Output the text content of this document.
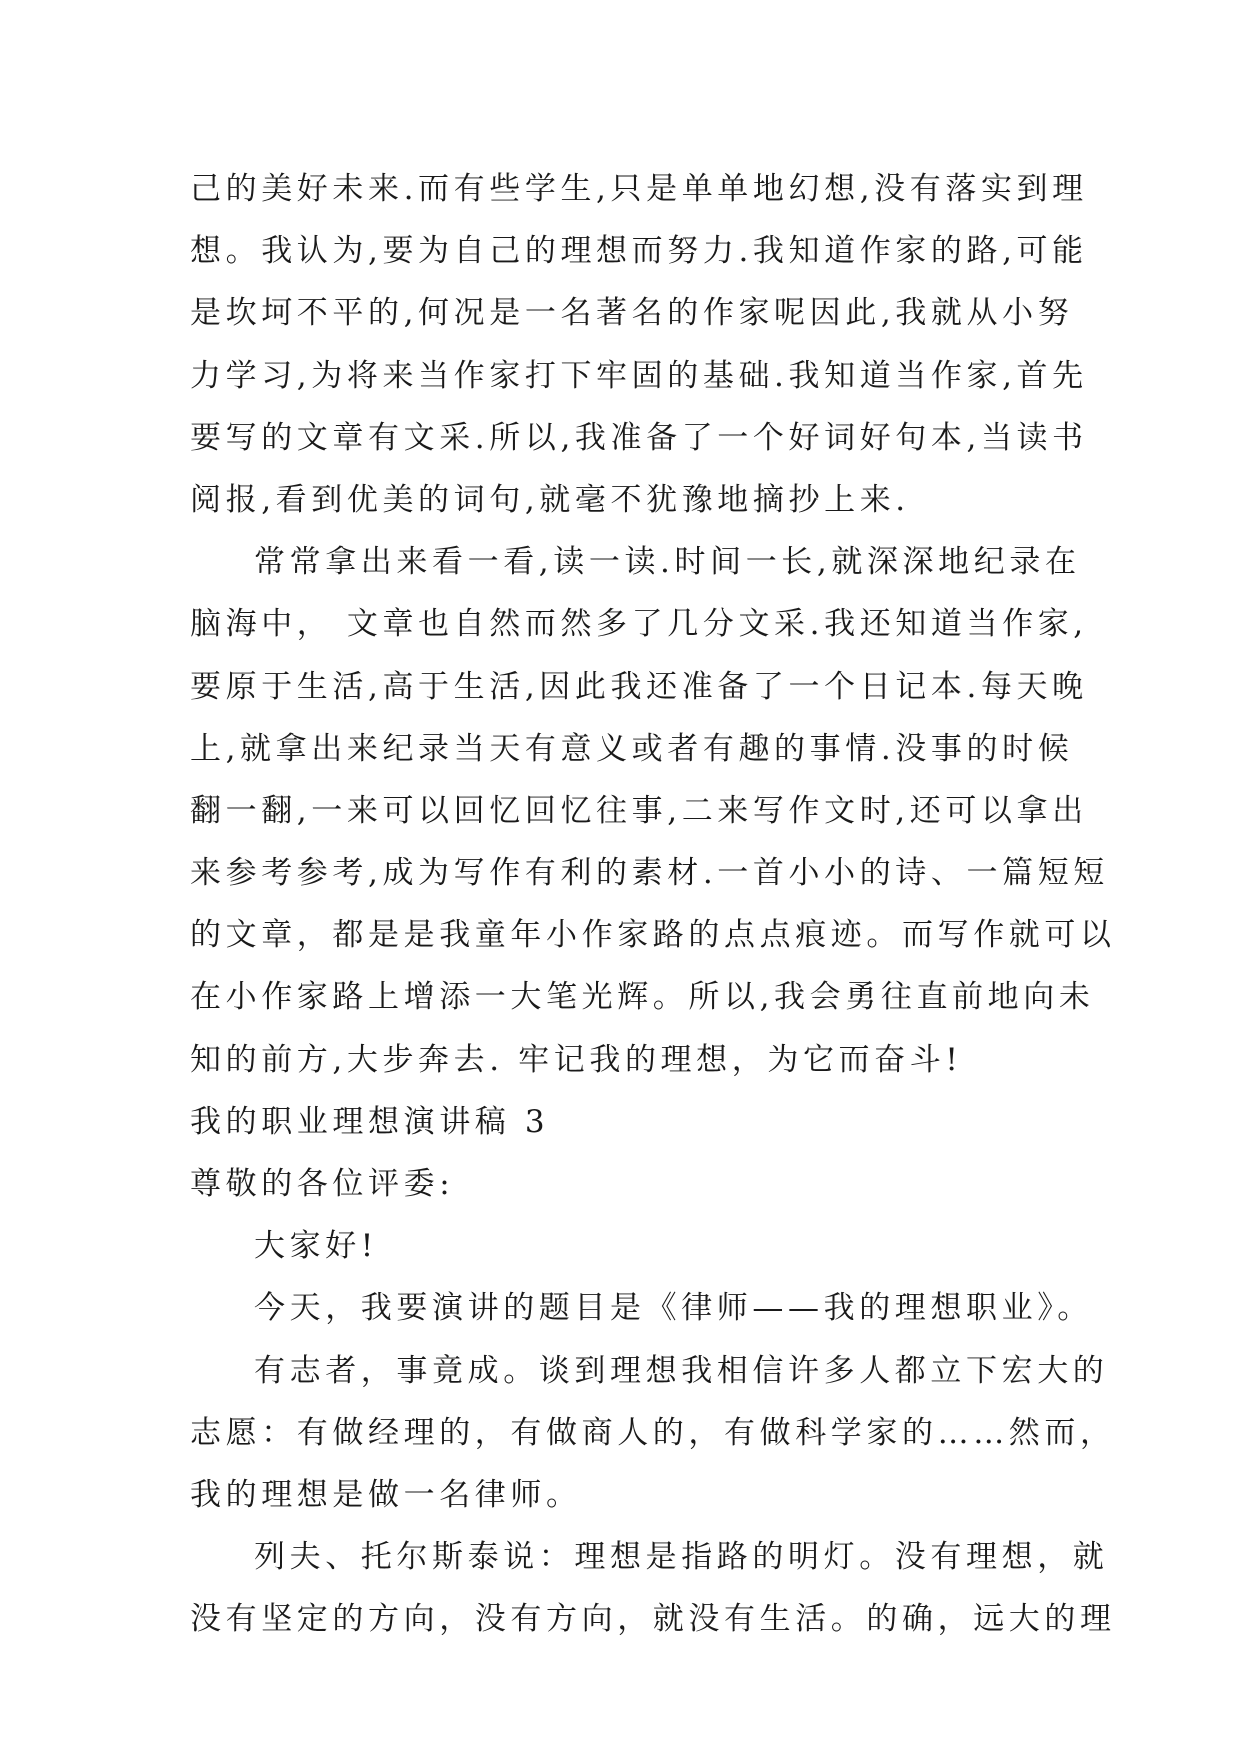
己的美好未来.而有些学生,只是单单地幻想,没有落实到理
想。我认为,要为自己的理想而努力.我知道作家的路,可能
是坎坷不平的,何况是一名著名的作家呢因此,我就从小努
力学习,为将来当作家打下牢固的基础.我知道当作家,首先
要写的文章有文采.所以,我准备了一个好词好句本,当读书
阅报,看到优美的词句,就毫不犹豫地摘抄上来.
常常拿出来看一看,读一读.时间一长,就深深地纪录在
脑海中， 文章也自然而然多了几分文采.我还知道当作家,
要原于生活,高于生活,因此我还准备了一个日记本.每天晚
上,就拿出来纪录当天有意义或者有趣的事情.没事的时候
翻一翻,一来可以回忆回忆往事,二来写作文时,还可以拿出
来参考参考,成为写作有利的素材.一首小小的诗、一篇短短
的文章，都是是我童年小作家路的点点痕迹。而写作就可以
在小作家路上增添一大笔光辉。所以,我会勇往直前地向未
知的前方,大步奔去. 牢记我的理想，为它而奋斗!
我的职业理想演讲稿 3
尊敬的各位评委:
大家好!
今天，我要演讲的题目是《律师——我的理想职业》。
有志者，事竟成。谈到理想我相信许多人都立下宏大的
志愿：有做经理的，有做商人的，有做科学家的……然而，
我的理想是做一名律师。
列夫、托尔斯泰说：理想是指路的明灯。没有理想，就
没有坚定的方向，没有方向，就没有生活。的确，远大的理
